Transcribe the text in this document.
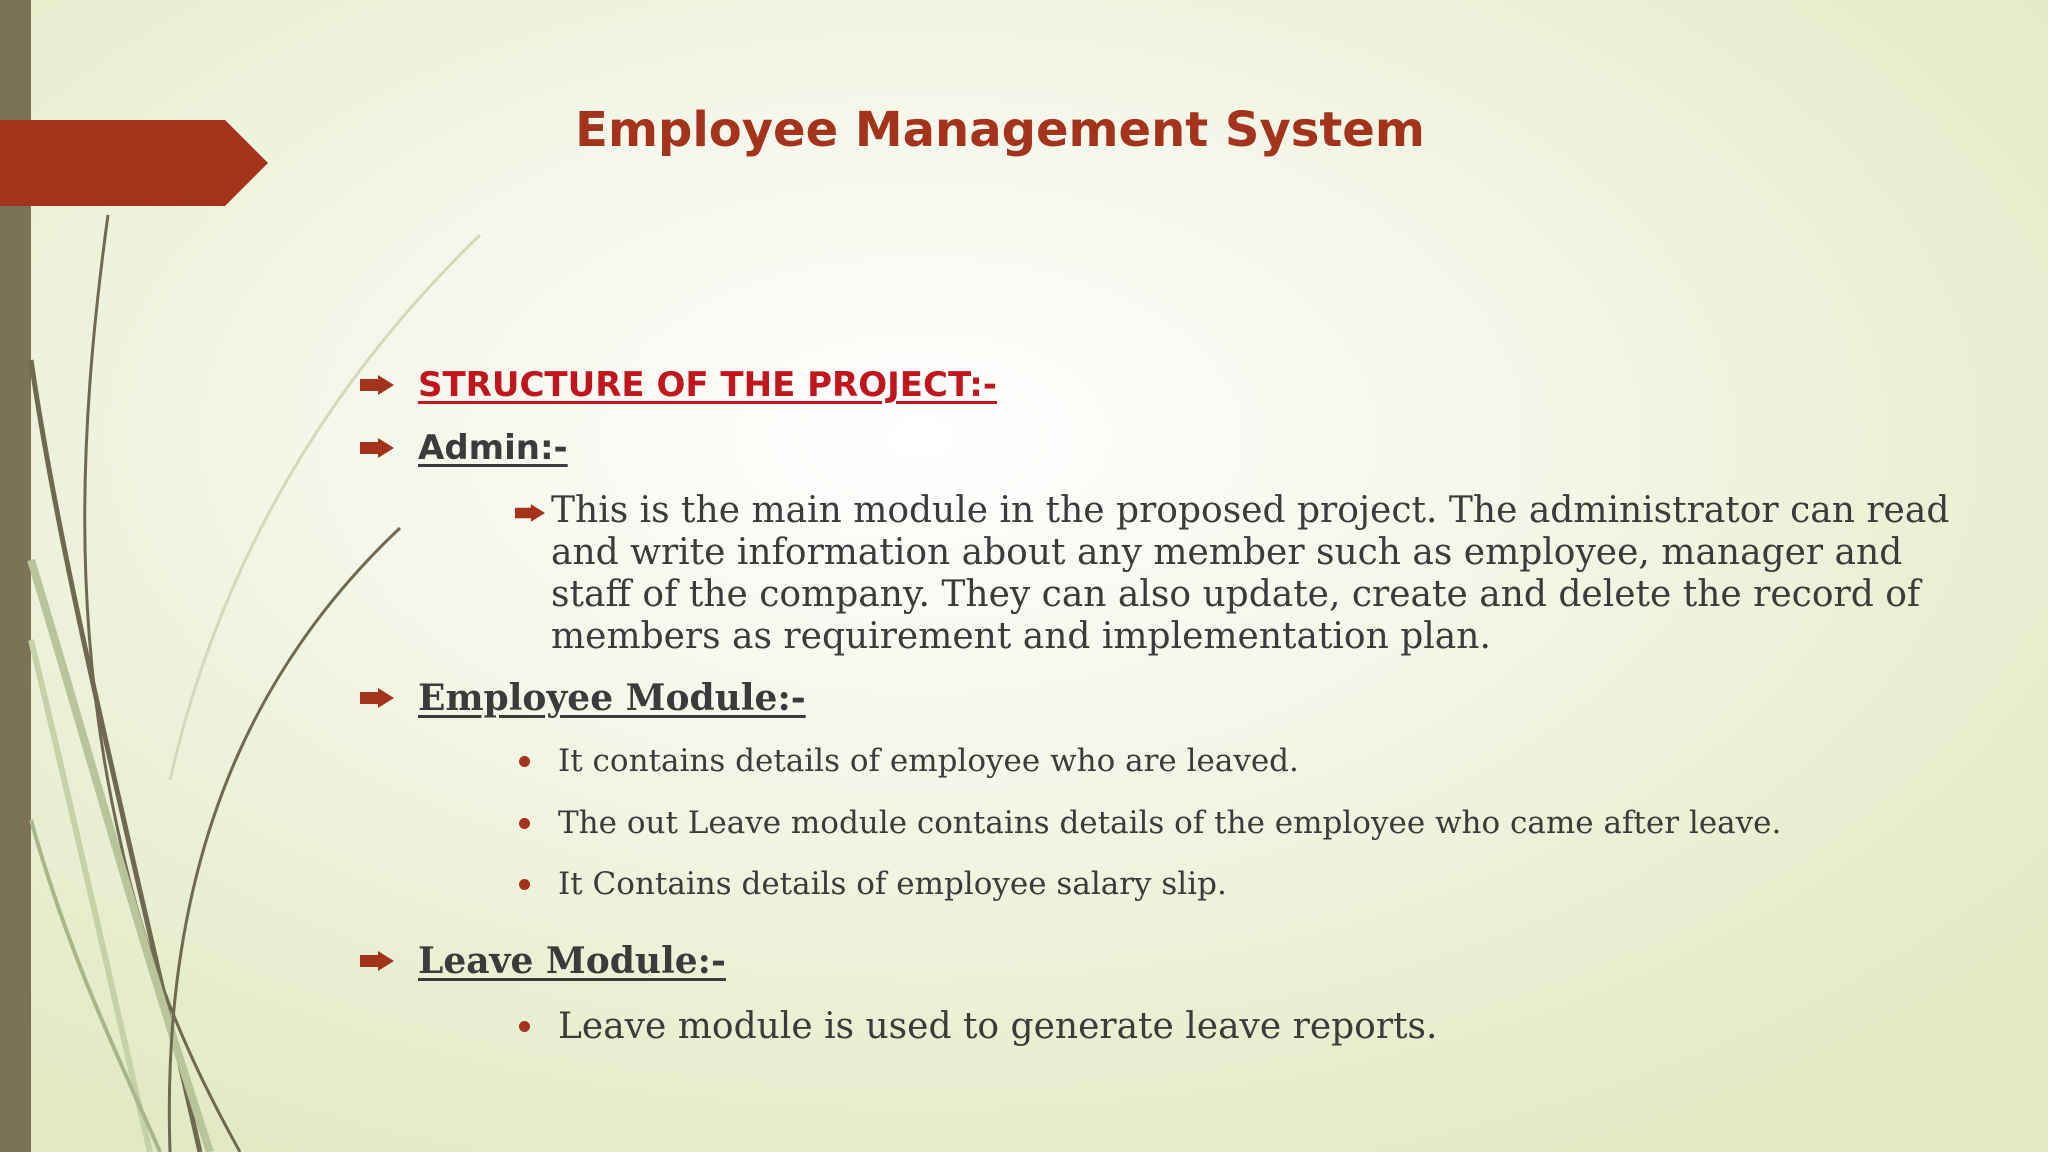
Employee Management System
STRUCTURE OF THE PROJECT:-
Admin:-
This is the main module in the proposed project. The administrator can read and write information about any member such as employee, manager and staff of the company. They can also update, create and delete the record of members as requirement and implementation plan.
Employee Module:-
It contains details of employee who are leaved.
The out Leave module contains details of the employee who came after leave.
It Contains details of employee salary slip.
Leave Module:-
Leave module is used to generate leave reports.
